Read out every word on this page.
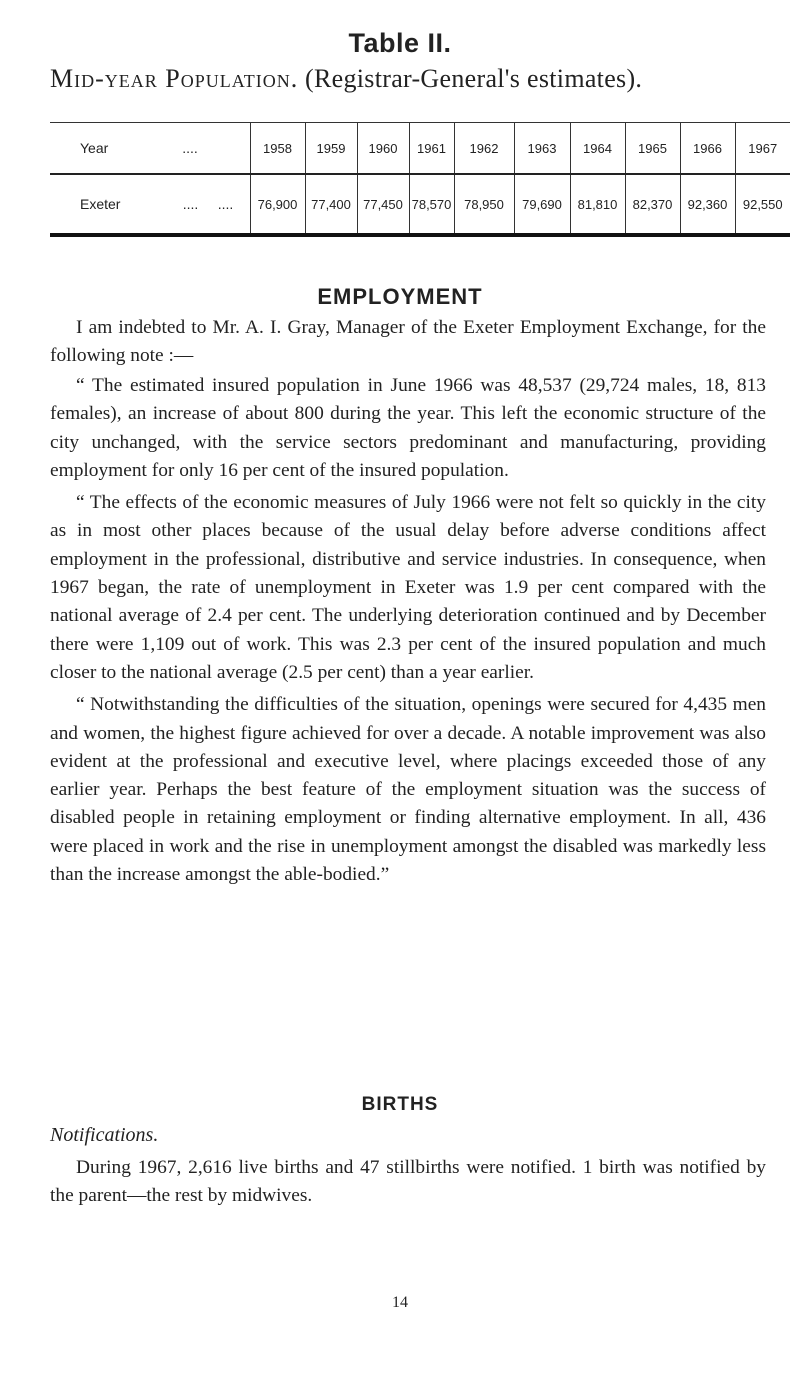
Table II.
Mid-year Population. (Registrar-General's estimates).
Year                   ....	1958	1959	1960	1961	1962	1963	1964	1965	1966	1967
Exeter                ....     ....	76,900	77,400	77,450	78,570	78,950	79,690	81,810	82,370	92,360	92,550
EMPLOYMENT

I am indebted to Mr. A. I. Gray, Manager of the Exeter Employment Exchange, for the following note :—

“ The estimated insured population in June 1966 was 48,537 (29,724 males, 18, 813 females), an increase of about 800 during the year. This left the economic structure of the city unchanged, with the service sectors predominant and manufacturing, providing employment for only 16 per cent of the insured population.

“ The effects of the economic measures of July 1966 were not felt so quickly in the city as in most other places because of the usual delay before adverse conditions affect employment in the professional, distributive and service industries. In consequence, when 1967 began, the rate of unemployment in Exeter was 1.9 per cent compared with the national average of 2.4 per cent. The underlying deterioration continued and by December there were 1,109 out of work. This was 2.3 per cent of the insured population and much closer to the national average (2.5 per cent) than a year earlier.

“ Notwithstanding the difficulties of the situation, openings were secured for 4,435 men and women, the highest figure achieved for over a decade. A notable improvement was also evident at the professional and executive level, where placings exceeded those of any earlier year. Perhaps the best feature of the employment situation was the success of disabled people in retaining employment or finding alternative employment. In all, 436 were placed in work and the rise in unemployment amongst the disabled was markedly less than the increase amongst the able-bodied.”

BIRTHS
Notifications.

During 1967, 2,616 live births and 47 stillbirths were notified. 1 birth was notified by the parent—the rest by midwives.

14
